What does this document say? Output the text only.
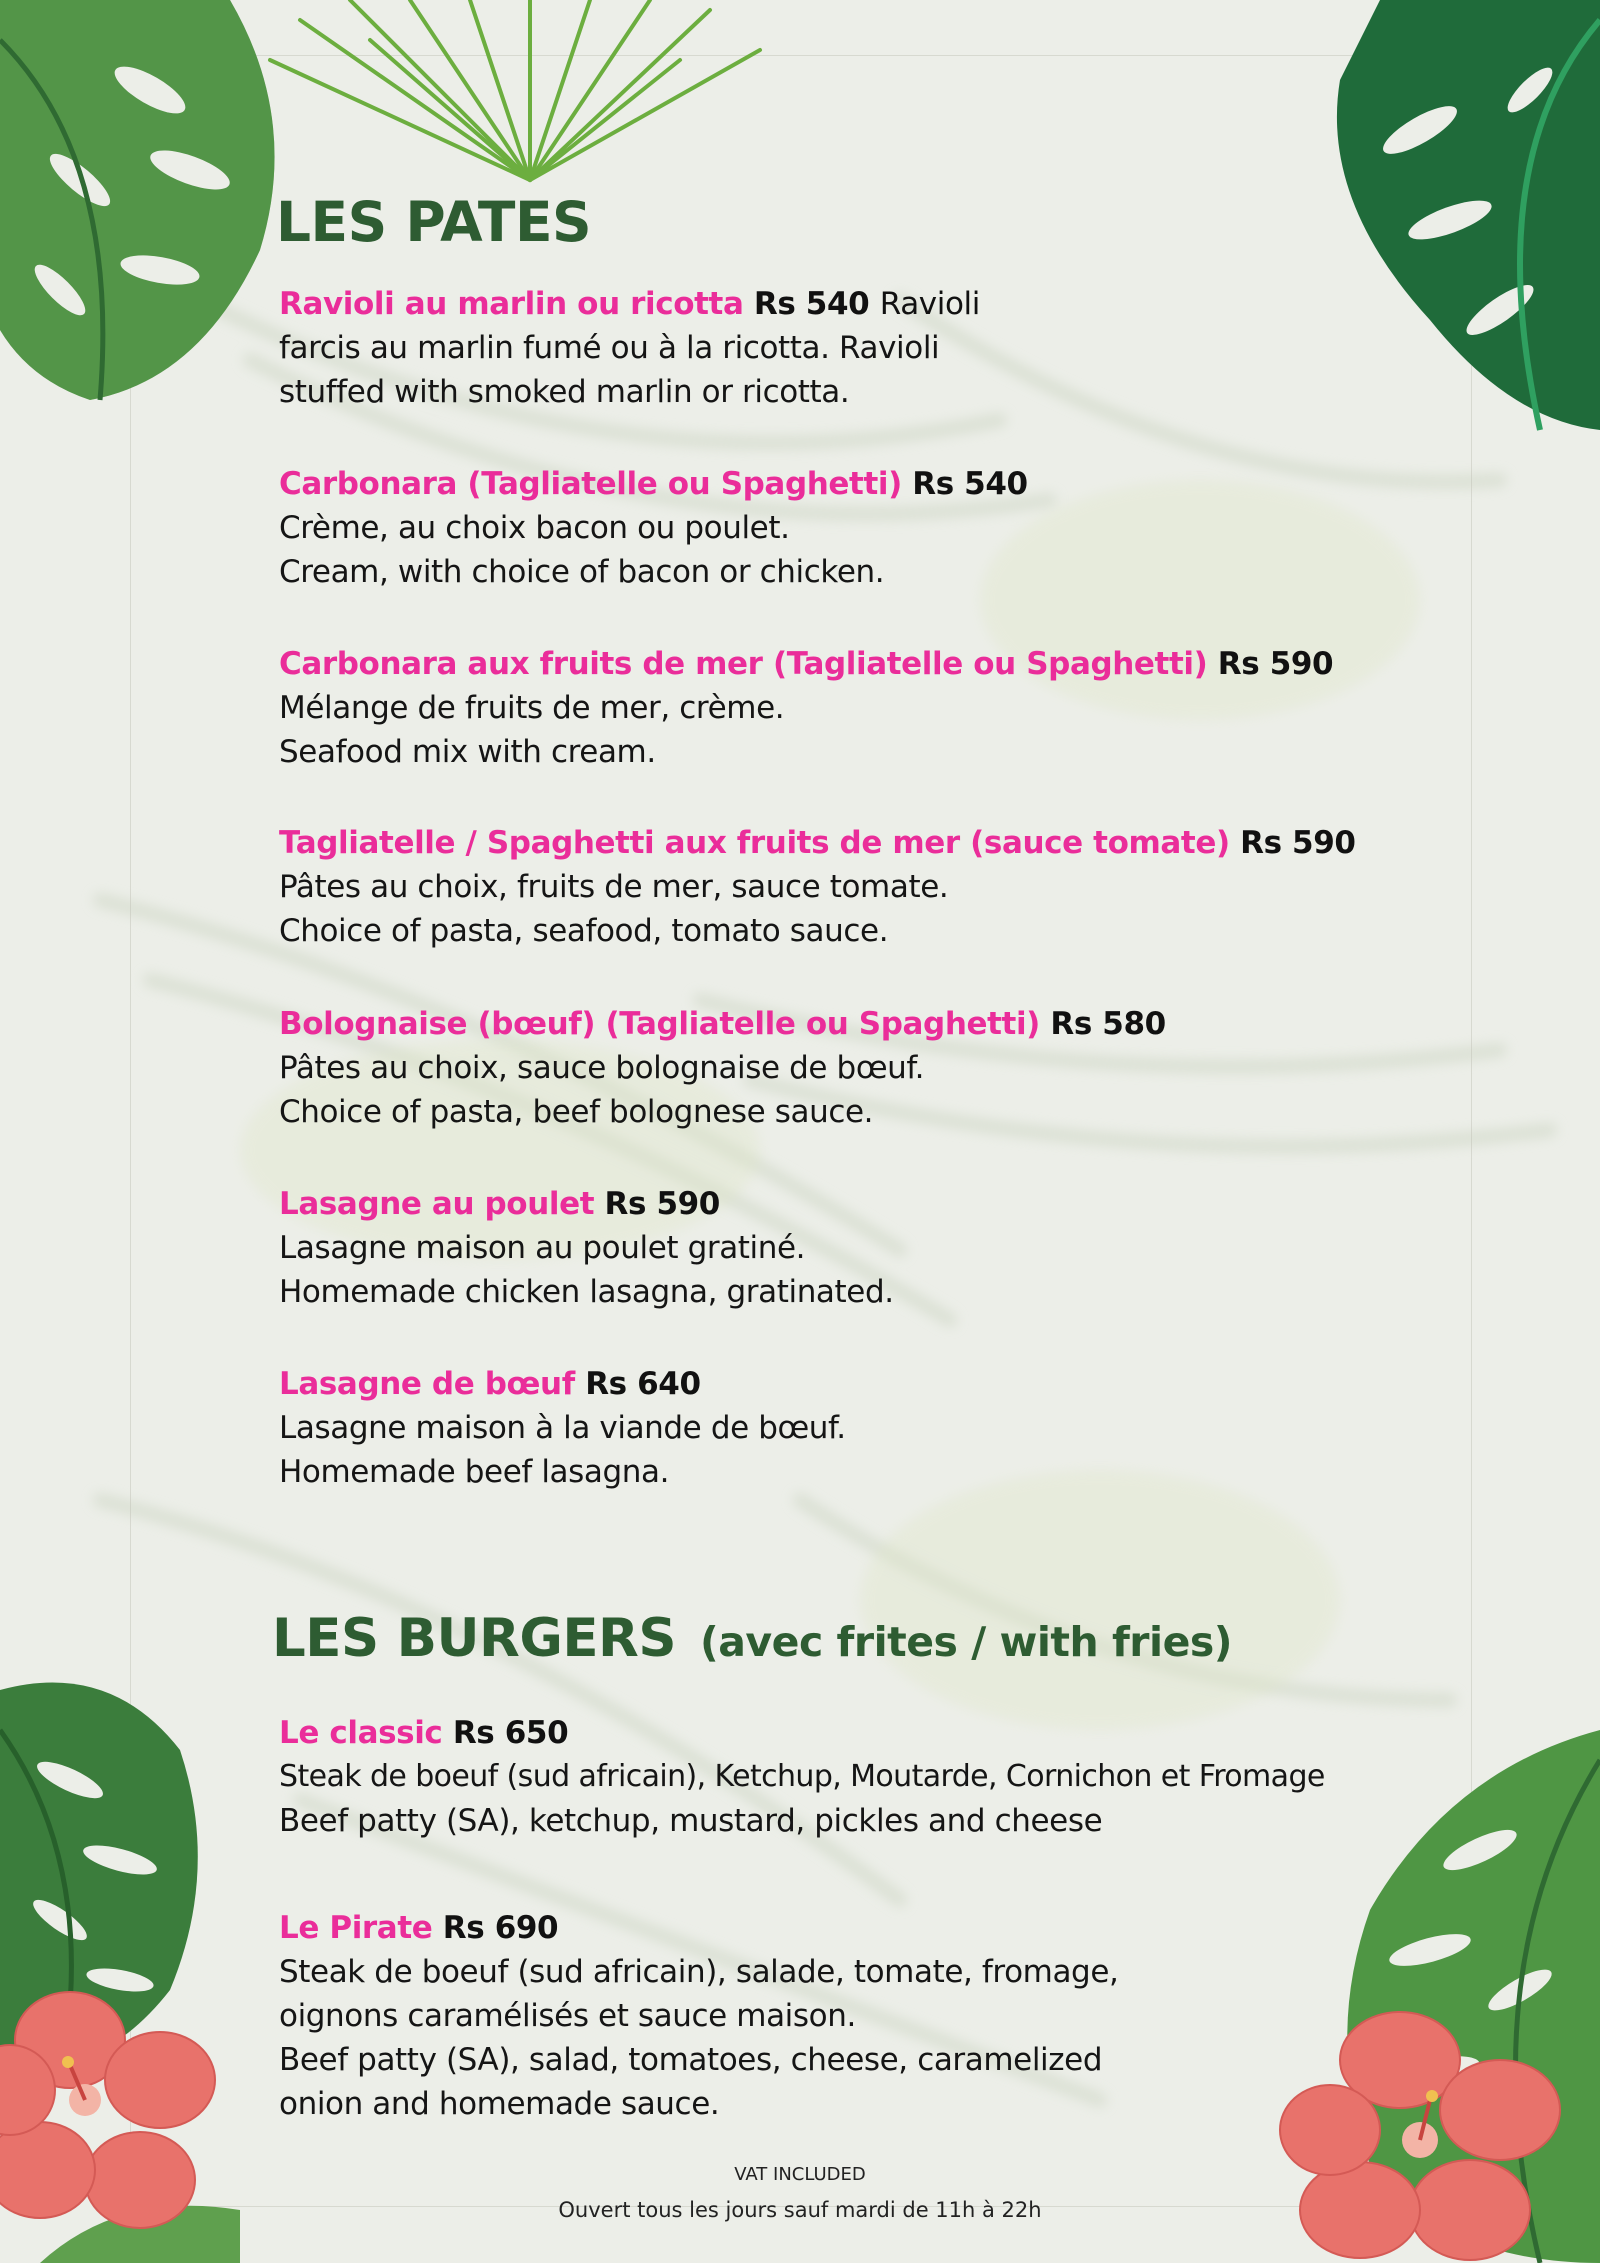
LES PATES
Ravioli au marlin ou ricotta Rs 540 Ravioli
farcis au marlin fumé ou à la ricotta. Ravioli
stuffed with smoked marlin or ricotta.
Carbonara (Tagliatelle ou Spaghetti) Rs 540
Crème, au choix bacon ou poulet.
Cream, with choice of bacon or chicken.
Carbonara aux fruits de mer (Tagliatelle ou Spaghetti) Rs 590
Mélange de fruits de mer, crème.
Seafood mix with cream.
Tagliatelle / Spaghetti aux fruits de mer (sauce tomate) Rs 590
Pâtes au choix, fruits de mer, sauce tomate.
Choice of pasta, seafood, tomato sauce.
Bolognaise (bœuf) (Tagliatelle ou Spaghetti) Rs 580
Pâtes au choix, sauce bolognaise de bœuf.
Choice of pasta, beef bolognese sauce.
Lasagne au poulet Rs 590
Lasagne maison au poulet gratiné.
Homemade chicken lasagna, gratinated.
Lasagne de bœuf Rs 640
Lasagne maison à la viande de bœuf.
Homemade beef lasagna.
LES BURGERS (avec frites / with fries)
Le classic Rs 650
Steak de boeuf (sud africain), Ketchup, Moutarde, Cornichon et Fromage
Beef patty (SA), ketchup, mustard, pickles and cheese
Le Pirate Rs 690
Steak de boeuf (sud africain), salade, tomate, fromage,
oignons caramélisés et sauce maison.
Beef patty (SA), salad, tomatoes, cheese, caramelized
onion and homemade sauce.
VAT INCLUDED
Ouvert tous les jours sauf mardi de 11h à 22h
